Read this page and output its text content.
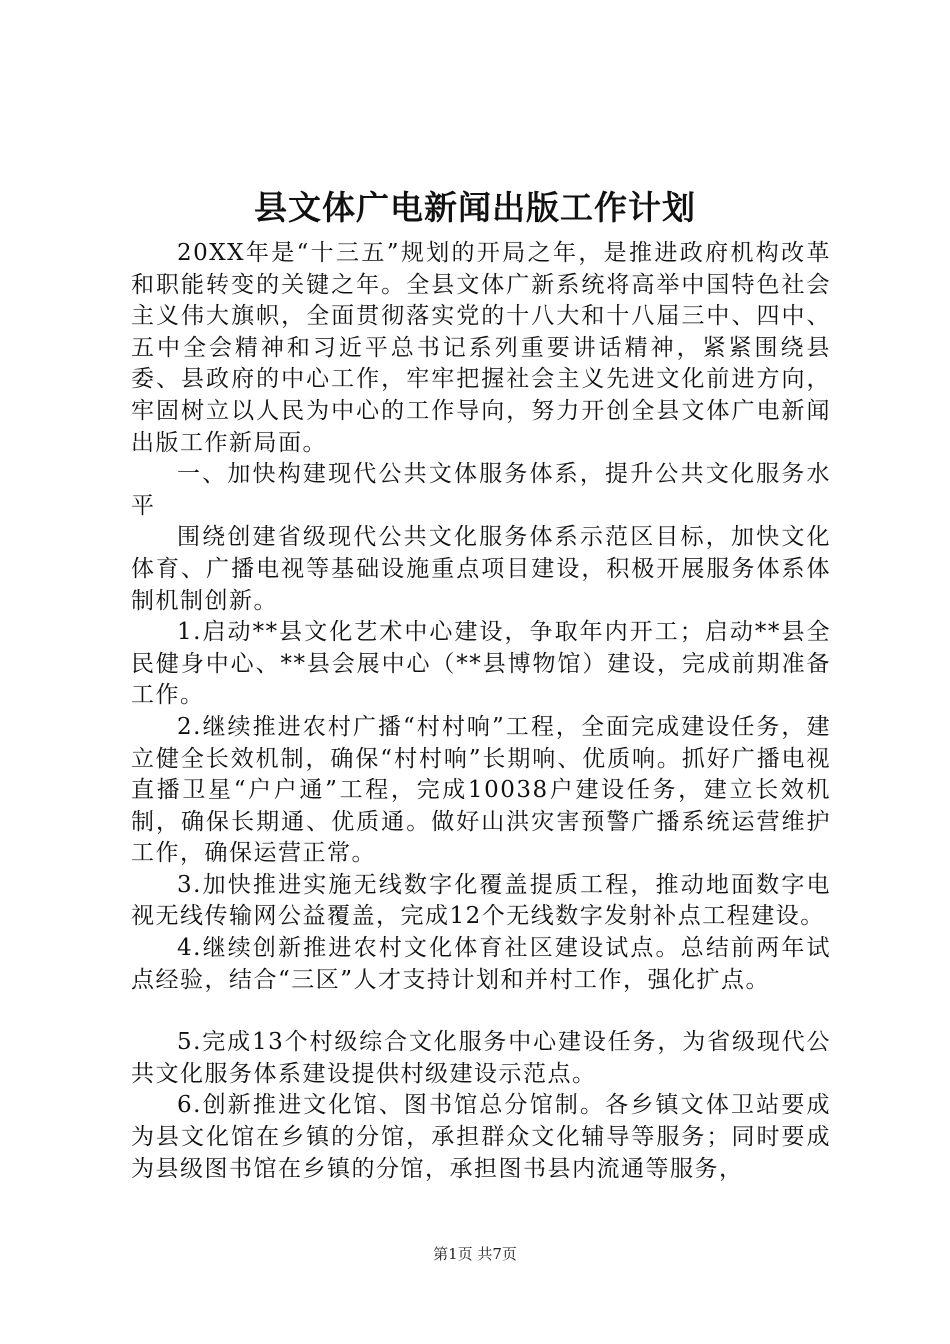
县文体广电新闻出版工作计划

20XX年是“十三五”规划的开局之年，是推进政府机构改革和职能转变的关键之年。全县文体广新系统将高举中国特色社会主义伟大旗帜，全面贯彻落实党的十八大和十八届三中、四中、五中全会精神和习近平总书记系列重要讲话精神，紧紧围绕县委、县政府的中心工作，牢牢把握社会主义先进文化前进方向，牢固树立以人民为中心的工作导向，努力开创全县文体广电新闻出版工作新局面。

一、加快构建现代公共文体服务体系，提升公共文化服务水平

围绕创建省级现代公共文化服务体系示范区目标，加快文化体育、广播电视等基础设施重点项目建设，积极开展服务体系体制机制创新。

1.启动**县文化艺术中心建设，争取年内开工；启动**县全民健身中心、**县会展中心（**县博物馆）建设，完成前期准备工作。

2.继续推进农村广播“村村响”工程，全面完成建设任务，建立健全长效机制，确保“村村响”长期响、优质响。抓好广播电视直播卫星“户户通”工程，完成10038户建设任务，建立长效机制，确保长期通、优质通。做好山洪灾害预警广播系统运营维护工作，确保运营正常。

3.加快推进实施无线数字化覆盖提质工程，推动地面数字电视无线传输网公益覆盖，完成12个无线数字发射补点工程建设。

4.继续创新推进农村文化体育社区建设试点。总结前两年试点经验，结合“三区”人才支持计划和并村工作，强化扩点。

5.完成13个村级综合文化服务中心建设任务，为省级现代公共文化服务体系建设提供村级建设示范点。

6.创新推进文化馆、图书馆总分馆制。各乡镇文体卫站要成为县文化馆在乡镇的分馆，承担群众文化辅导等服务；同时要成为县级图书馆在乡镇的分馆，承担图书县内流通等服务，

第1页 共7页
